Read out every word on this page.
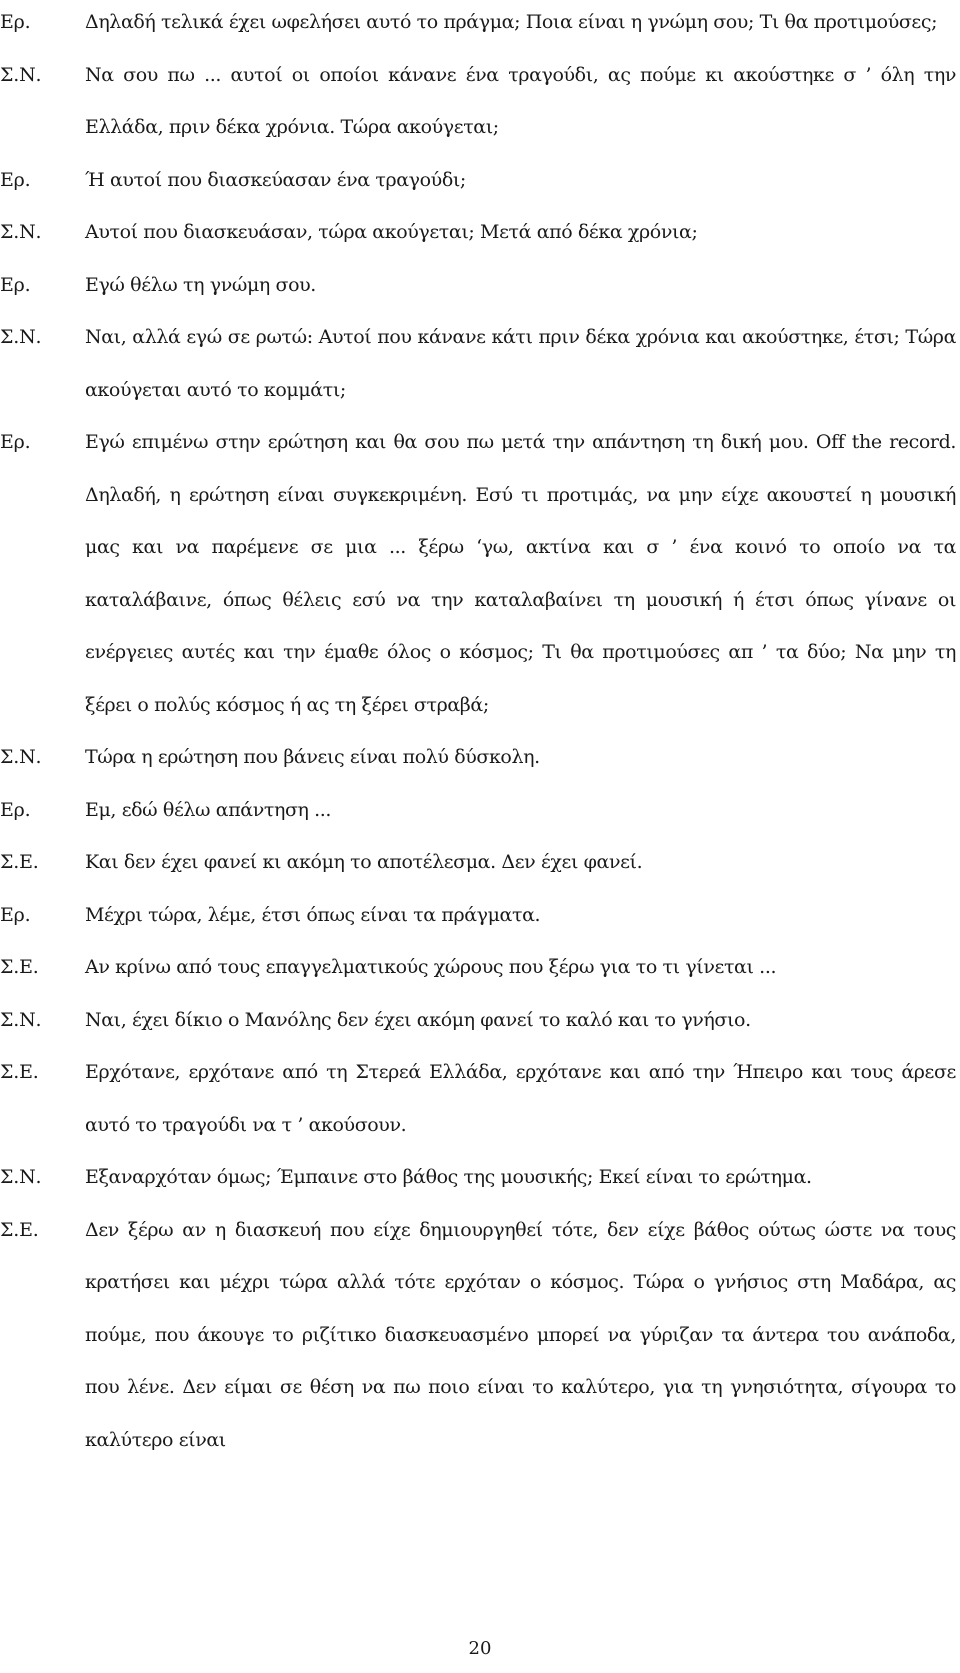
Ερ.	Δηλαδή τελικά έχει ωφελήσει αυτό το πράγμα; Ποια είναι η γνώμη σου; Τι θα προτιμούσες;
Σ.Ν. Να σου πω ... αυτοί οι οποίοι κάνανε ένα τραγούδι, ας πούμε κι ακούστηκε σ ’ όλη την Ελλάδα, πριν δέκα χρόνια. Τώρα ακούγεται;
Ερ.	Ή αυτοί που διασκεύασαν ένα τραγούδι;
Σ.Ν. Αυτοί που διασκευάσαν, τώρα ακούγεται; Μετά από δέκα χρόνια;
Ερ.	Εγώ θέλω τη γνώμη σου.
Σ.Ν. Ναι, αλλά εγώ σε ρωτώ: Αυτοί που κάνανε κάτι πριν δέκα χρόνια και ακούστηκε, έτσι; Τώρα ακούγεται αυτό το κομμάτι;
Ερ.	Εγώ επιμένω στην ερώτηση και θα σου πω μετά την απάντηση τη δική μου. Off the record. Δηλαδή, η ερώτηση είναι συγκεκριμένη. Εσύ τι προτιμάς, να μην είχε ακουστεί η μουσική μας και να παρέμενε σε μια ... ξέρω ‘γω, ακτίνα και σ ’ ένα κοινό το οποίο να τα καταλάβαινε, όπως θέλεις εσύ να την καταλαβαίνει τη μουσική ή έτσι όπως γίνανε οι ενέργειες αυτές και την έμαθε όλος ο κόσμος; Τι θα προτιμούσες απ ’ τα δύο; Να μην τη ξέρει ο πολύς κόσμος ή ας τη ξέρει στραβά;
Σ.Ν. Τώρα η ερώτηση που βάνεις είναι πολύ δύσκολη.
Ερ.	Εμ, εδώ θέλω απάντηση ...
Σ.Ε. Και δεν έχει φανεί κι ακόμη το αποτέλεσμα. Δεν έχει φανεί.
Ερ.	Μέχρι τώρα, λέμε, έτσι όπως είναι τα πράγματα.
Σ.Ε. Αν κρίνω από τους επαγγελματικούς χώρους που ξέρω για το τι γίνεται ...
Σ.Ν. Ναι, έχει δίκιο ο Μανόλης δεν έχει ακόμη φανεί το καλό και το γνήσιο.
Σ.Ε. Ερχότανε, ερχότανε από τη Στερεά Ελλάδα, ερχότανε και από την Ήπειρο και τους άρεσε αυτό το τραγούδι να τ ’ ακούσουν.
Σ.Ν. Εξαναρχόταν όμως; Έμπαινε στο βάθος της μουσικής; Εκεί είναι το ερώτημα.
Σ.Ε. Δεν ξέρω αν η διασκευή που είχε δημιουργηθεί τότε, δεν είχε βάθος ούτως ώστε να τους κρατήσει και μέχρι τώρα αλλά τότε ερχόταν ο κόσμος. Τώρα ο γνήσιος στη Μαδάρα, ας πούμε, που άκουγε το ριζίτικο διασκευασμένο μπορεί να γύριζαν τα άντερα του ανάποδα, που λένε. Δεν είμαι σε θέση να πω ποιο είναι το καλύτερο, για τη γνησιότητα, σίγουρα το καλύτερο είναι
20
